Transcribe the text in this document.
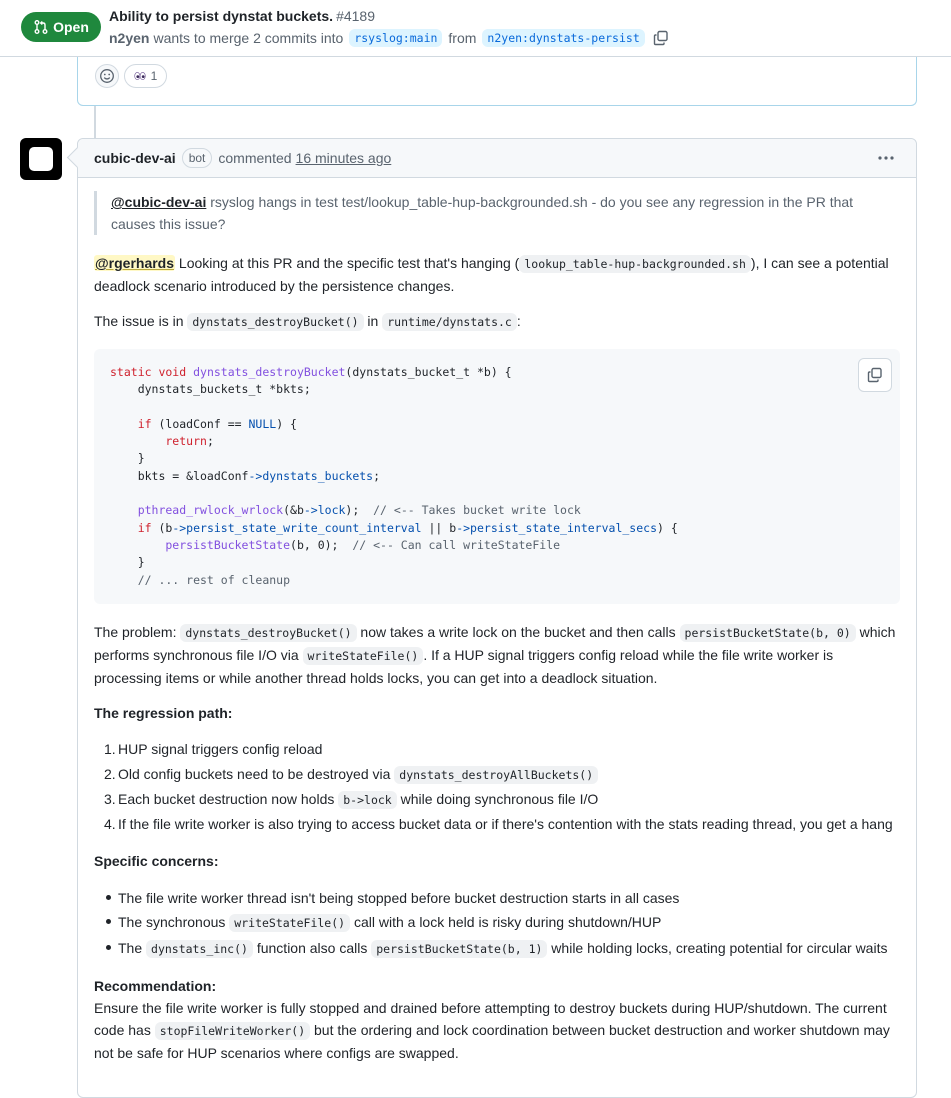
Open
Ability to persist dynstat buckets. #4189
n2yen wants to merge 2 commits into rsyslog:main from n2yen:dynstats-persist
1
cubic-dev-ai	bot commented 16 minutes ago
@cubic-dev-ai rsyslog hangs in test test/lookup_table-hup-backgrounded.sh - do you see any regression in the PR that causes this issue?

@rgerhards Looking at this PR and the specific test that's hanging ( lookup_table-hup-backgrounded.sh ), I can see a potential deadlock scenario introduced by the persistence changes.

The issue is in dynstats_destroyBucket() in runtime/dynstats.c :

static void dynstats_destroyBucket(dynstats_bucket_t *b) {
dynstats_buckets_t *bkts;

if (loadConf == NULL) {
return;
}
bkts = &loadConf->dynstats_buckets;

pthread_rwlock_wrlock(&b->lock);  // <-- Takes bucket write lock
if (b->persist_state_write_count_interval || b->persist_state_interval_secs) {
persistBucketState(b, 0);  // <-- Can call writeStateFile
}
// ... rest of cleanup

The problem: dynstats_destroyBucket() now takes a write lock on the bucket and then calls persistBucketState(b, 0) which performs synchronous file I/O via writeStateFile() . If a HUP signal triggers config reload while the file write worker is processing items or while another thread holds locks, you can get into a deadlock situation.

The regression path:

1. HUP signal triggers config reload
2. Old config buckets need to be destroyed via dynstats_destroyAllBuckets()
3. Each bucket destruction now holds b->lock while doing synchronous file I/O
4. If the file write worker is also trying to access bucket data or if there's contention with the stats reading thread, you get a hang

Specific concerns:

The file write worker thread isn't being stopped before bucket destruction starts in all cases
The synchronous writeStateFile() call with a lock held is risky during shutdown/HUP
The dynstats_inc() function also calls persistBucketState(b, 1) while holding locks, creating potential for circular waits

Recommendation:

Ensure the file write worker is fully stopped and drained before attempting to destroy buckets during HUP/shutdown. The current code has stopFileWriteWorker() but the ordering and lock coordination between bucket destruction and worker shutdown may not be safe for HUP scenarios where configs are swapped.
